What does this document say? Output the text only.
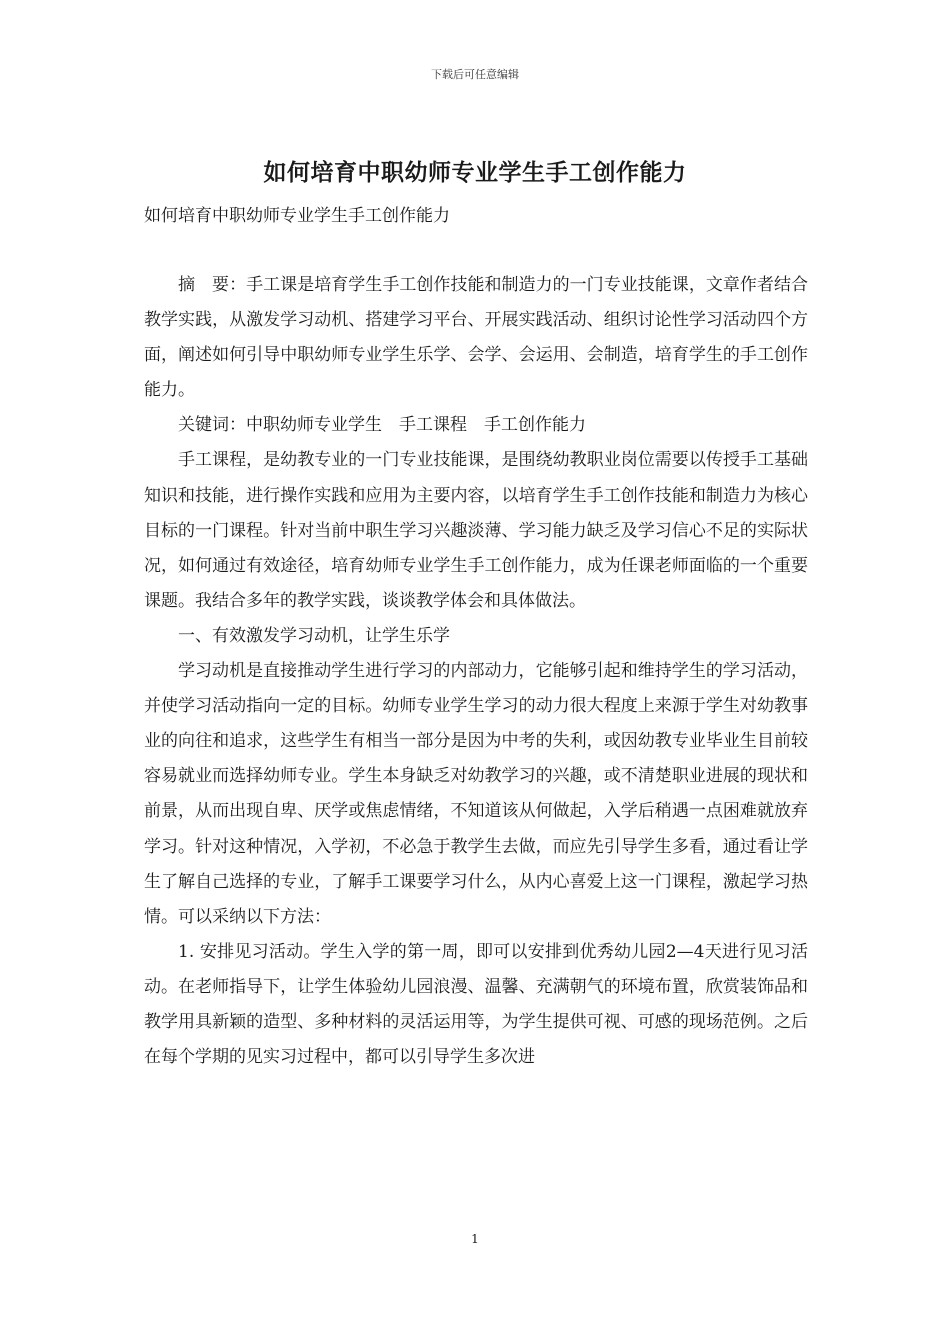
下载后可任意编辑
如何培育中职幼师专业学生手工创作能力
如何培育中职幼师专业学生手工创作能力

摘　要：手工课是培育学生手工创作技能和制造力的一门专业技能课，文章作者结合教学实践，从激发学习动机、搭建学习平台、开展实践活动、组织讨论性学习活动四个方面，阐述如何引导中职幼师专业学生乐学、会学、会运用、会制造，培育学生的手工创作能力。

关键词：中职幼师专业学生　手工课程　手工创作能力

手工课程，是幼教专业的一门专业技能课，是围绕幼教职业岗位需要以传授手工基础知识和技能，进行操作实践和应用为主要内容，以培育学生手工创作技能和制造力为核心目标的一门课程。针对当前中职生学习兴趣淡薄、学习能力缺乏及学习信心不足的实际状况，如何通过有效途径，培育幼师专业学生手工创作能力，成为任课老师面临的一个重要课题。我结合多年的教学实践，谈谈教学体会和具体做法。

一、有效激发学习动机，让学生乐学

学习动机是直接推动学生进行学习的内部动力，它能够引起和维持学生的学习活动，并使学习活动指向一定的目标。幼师专业学生学习的动力很大程度上来源于学生对幼教事业的向往和追求，这些学生有相当一部分是因为中考的失利，或因幼教专业毕业生目前较容易就业而选择幼师专业。学生本身缺乏对幼教学习的兴趣，或不清楚职业进展的现状和前景，从而出现自卑、厌学或焦虑情绪，不知道该从何做起，入学后稍遇一点困难就放弃学习。针对这种情况，入学初，不必急于教学生去做，而应先引导学生多看，通过看让学生了解自己选择的专业，了解手工课要学习什么，从内心喜爱上这一门课程，激起学习热情。可以采纳以下方法：

1. 安排见习活动。学生入学的第一周，即可以安排到优秀幼儿园2—4天进行见习活动。在老师指导下，让学生体验幼儿园浪漫、温馨、充满朝气的环境布置，欣赏装饰品和教学用具新颖的造型、多种材料的灵活运用等，为学生提供可视、可感的现场范例。之后在每个学期的见实习过程中，都可以引导学生多次进

1
